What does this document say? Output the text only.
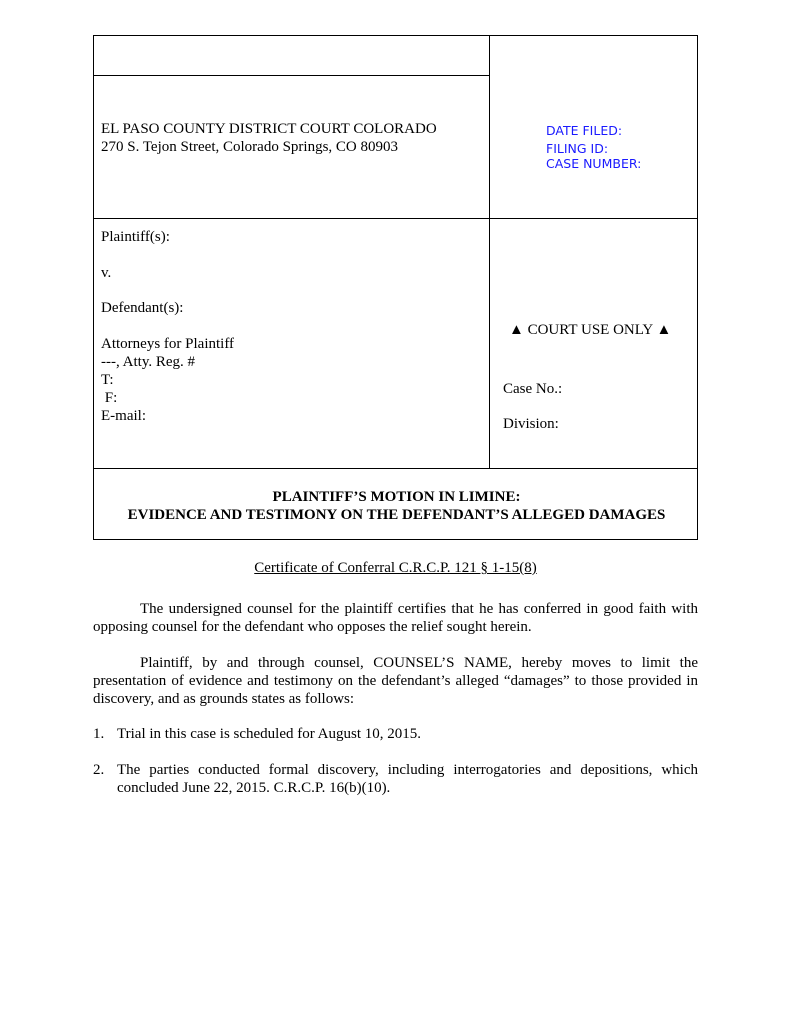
EL PASO COUNTY DISTRICT COURT COLORADO
270 S. Tejon Street, Colorado Springs, CO 80903
DATE FILED:
FILING ID:
CASE NUMBER:
Plaintiff(s):
v.
Defendant(s):
Attorneys for Plaintiff
---, Atty. Reg. #
T:
F:
E-mail:
▲ COURT USE ONLY ▲
Case No.:
Division:
PLAINTIFF’S MOTION IN LIMINE:
EVIDENCE AND TESTIMONY ON THE DEFENDANT’S ALLEGED DAMAGES
Certificate of Conferral C.R.C.P. 121 § 1-15(8)
The undersigned counsel for the plaintiff certifies that he has conferred in good faith with opposing counsel for the defendant who opposes the relief sought herein.
Plaintiff, by and through counsel, COUNSEL’S NAME, hereby moves to limit the presentation of evidence and testimony on the defendant’s alleged “damages” to those provided in discovery, and as grounds states as follows:
1. Trial in this case is scheduled for August 10, 2015.
2. The parties conducted formal discovery, including interrogatories and depositions, which concluded June 22, 2015. C.R.C.P. 16(b)(10).
